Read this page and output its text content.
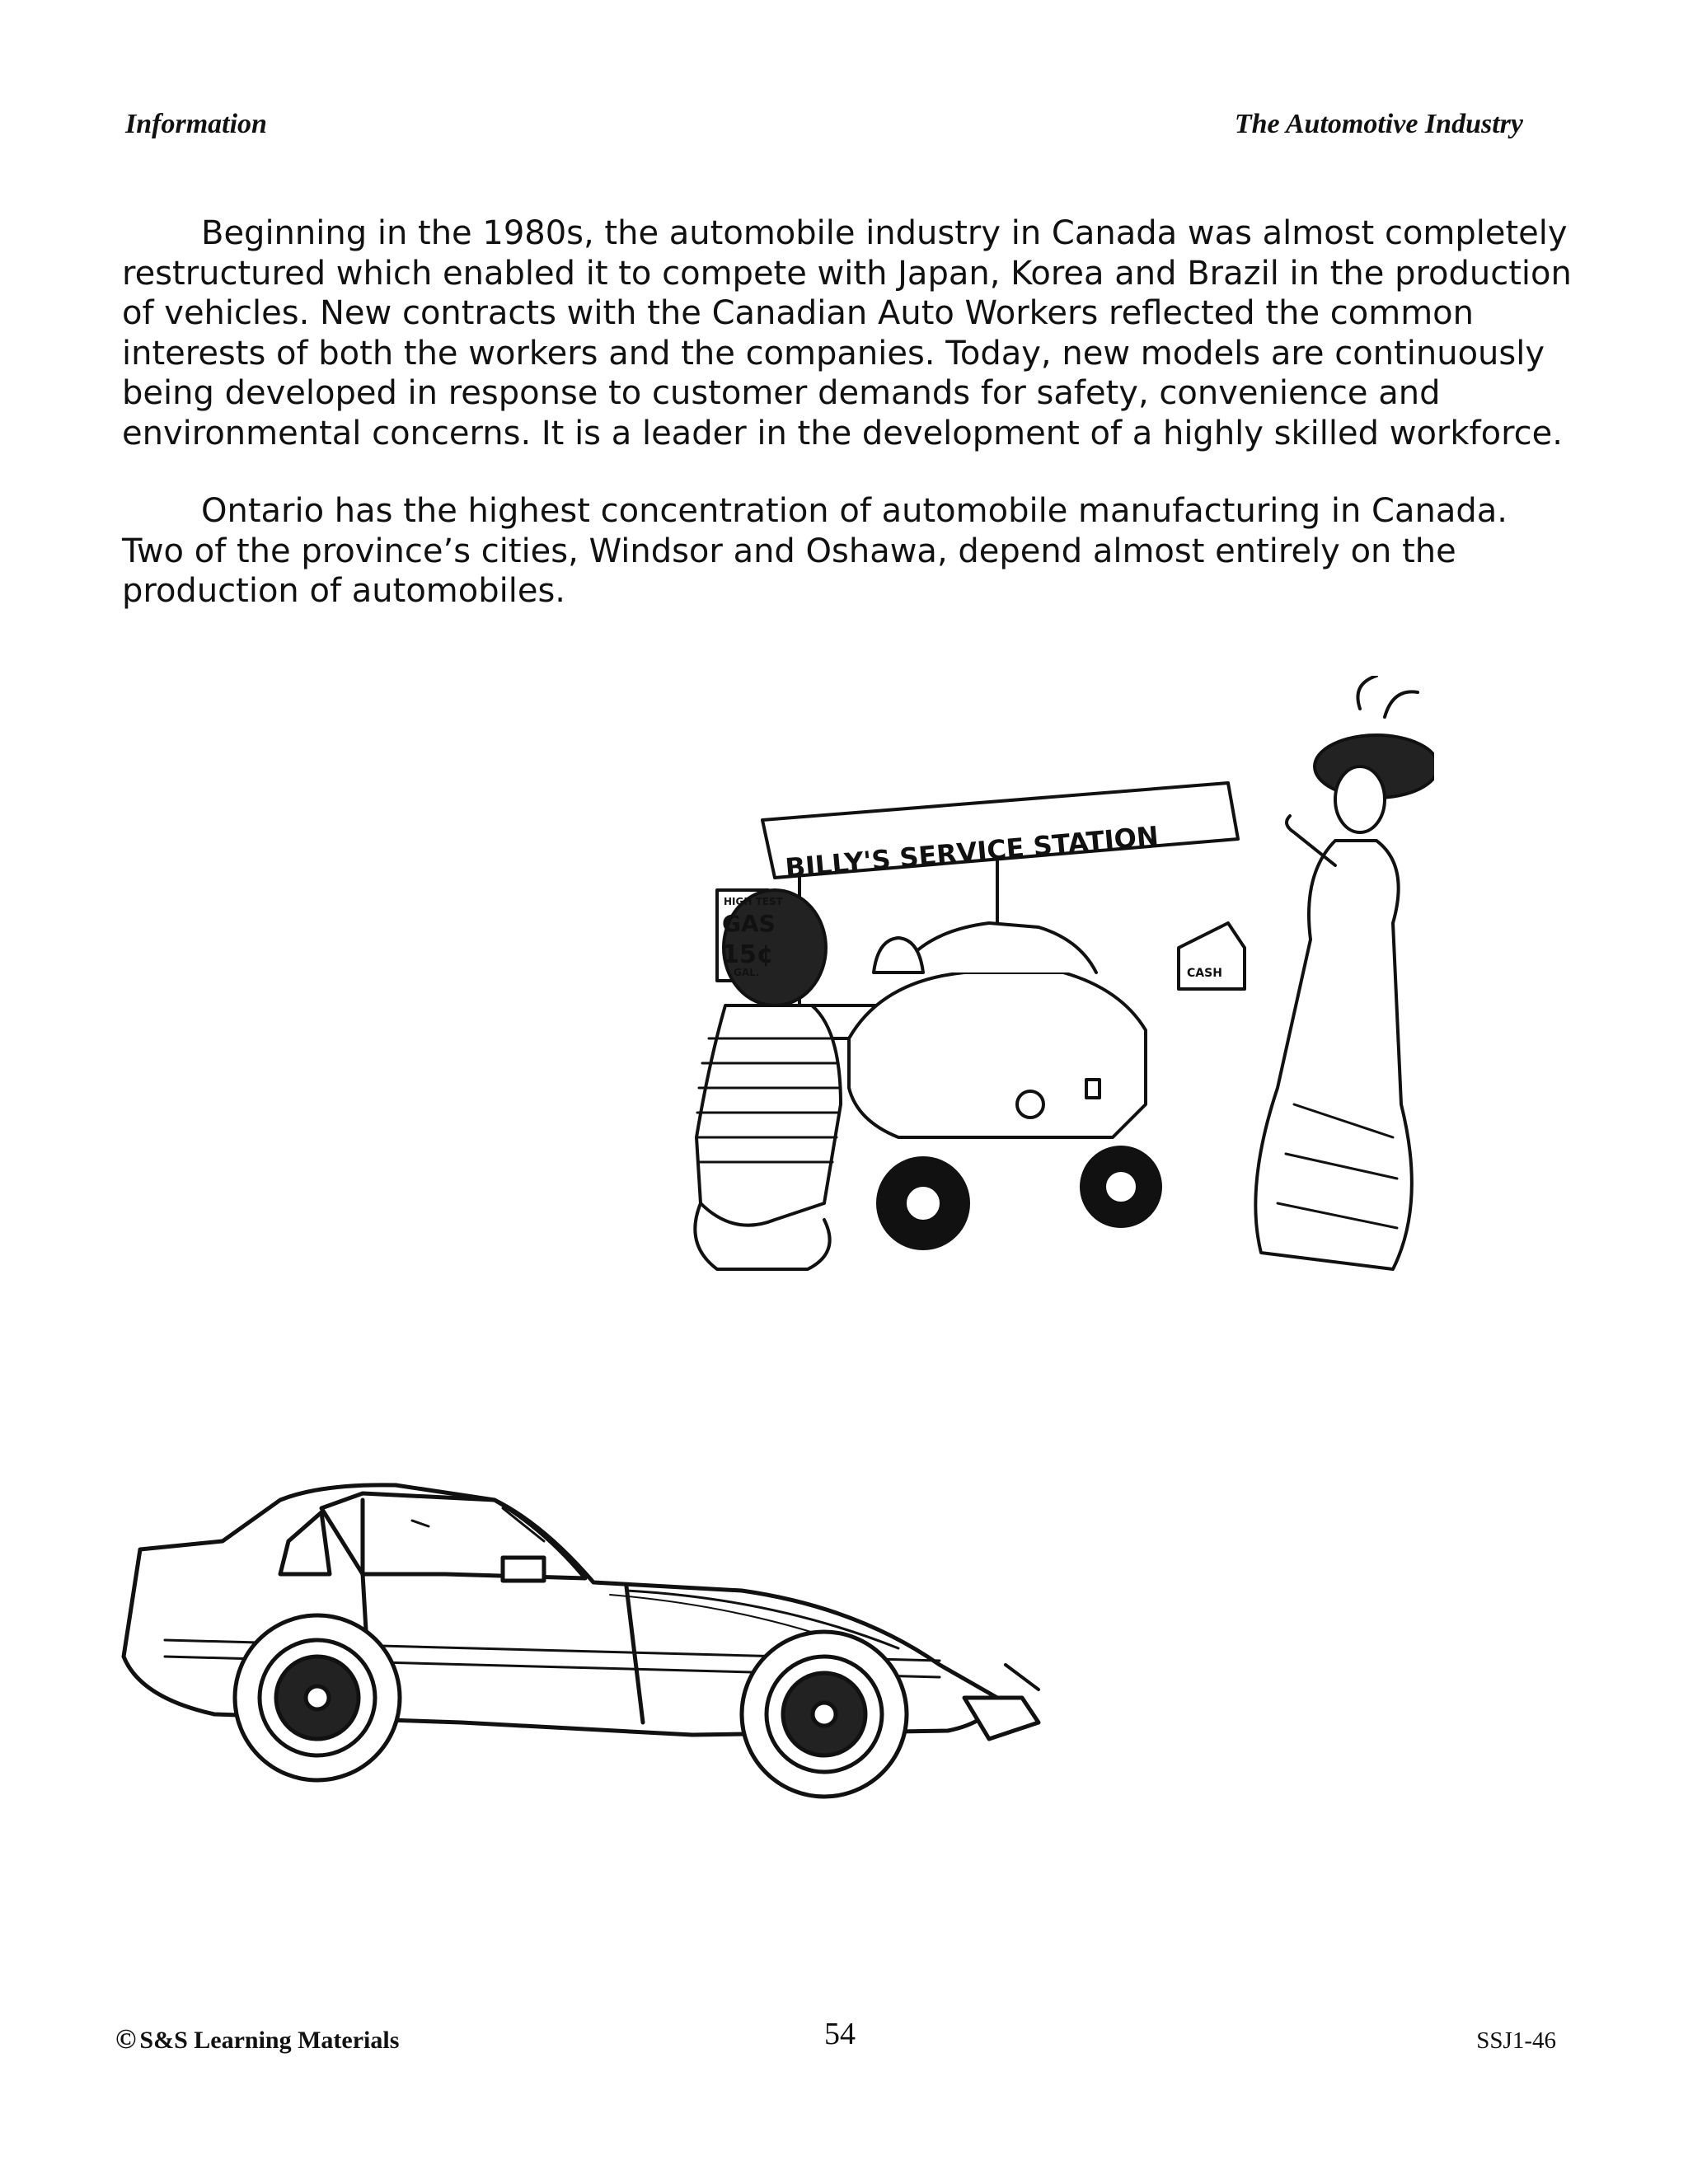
Information	The Automotive Industry
Beginning in the 1980s, the automobile industry in Canada was almost completely
restructured which enabled it to compete with Japan, Korea and Brazil in the production
of vehicles. New contracts with the Canadian Auto Workers reflected the common
interests of both the workers and the companies. Today, new models are continuously
being developed in response to customer demands for safety, convenience and
environmental concerns. It is a leader in the development of a highly skilled workforce.
Ontario has the highest concentration of automobile manufacturing in Canada.
Two of the province’s cities, Windsor and Oshawa, depend almost entirely on the
production of automobiles.
BILLY'S SERVICE STATION
HIGH TEST
GAS
15¢
GAL.	CASH
© S&S Learning Materials	54	SSJ1-46
